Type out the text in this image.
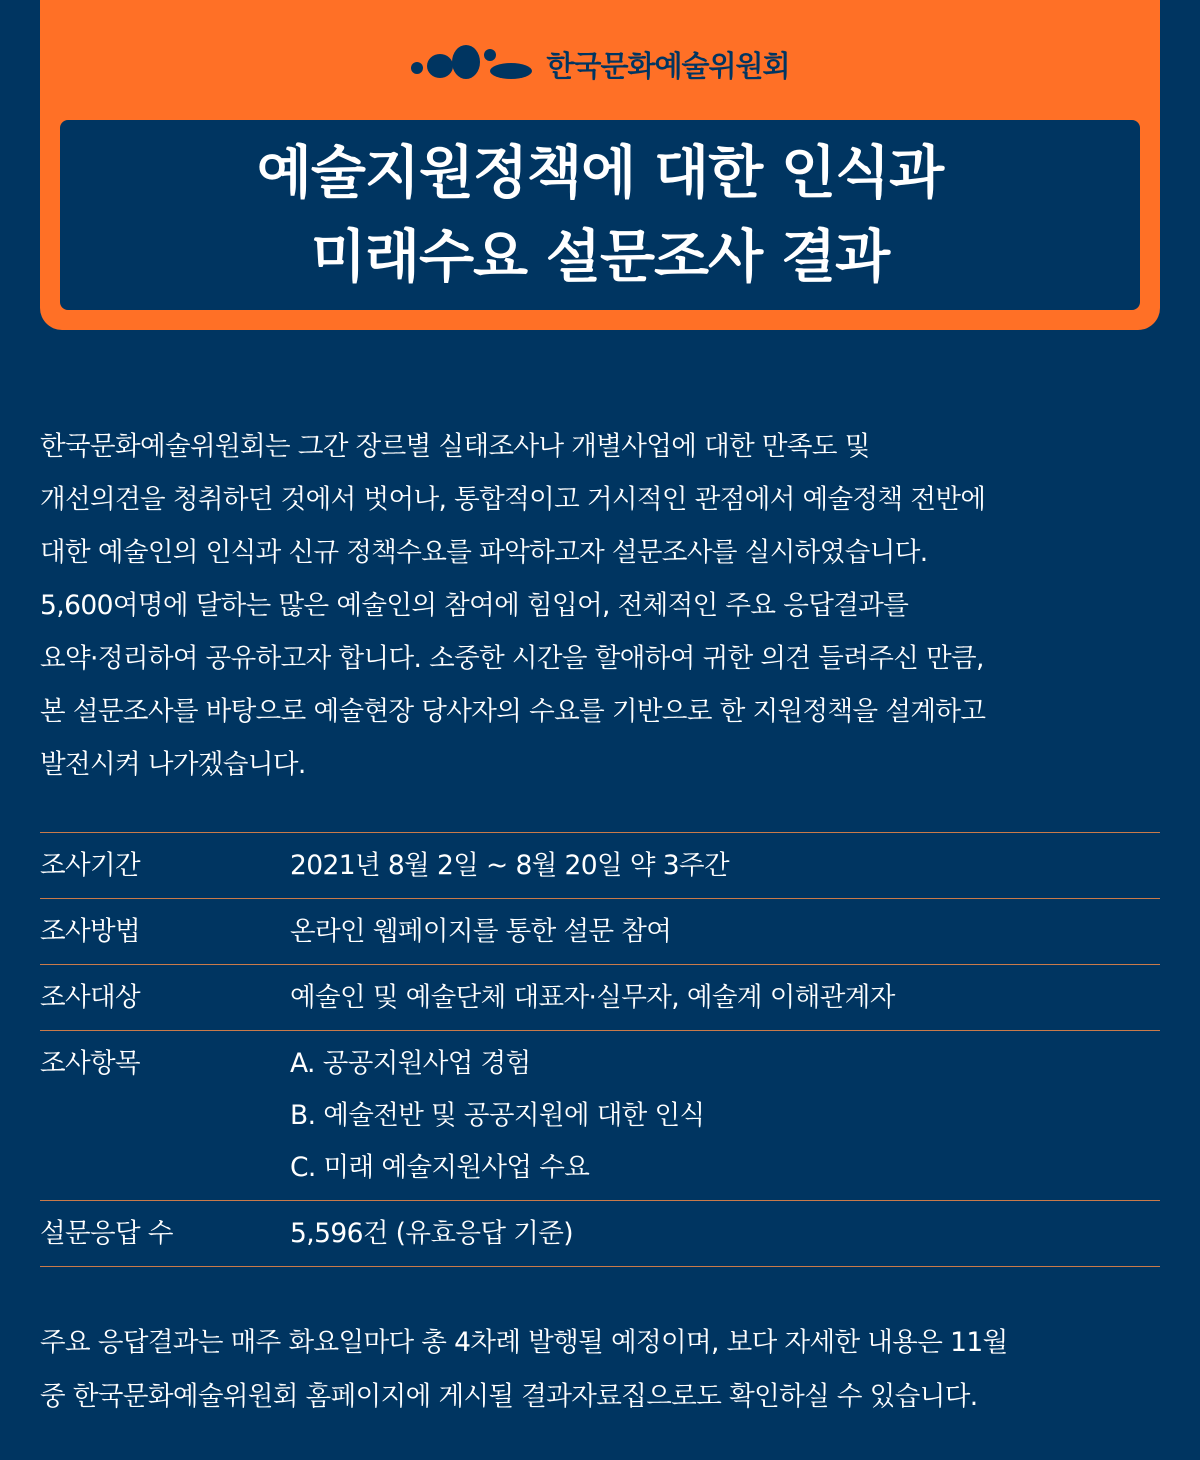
한국문화예술위원회
예술지원정책에 대한 인식과
미래수요 설문조사 결과
한국문화예술위원회는 그간 장르별 실태조사나 개별사업에 대한 만족도 및
개선의견을 청취하던 것에서 벗어나, 통합적이고 거시적인 관점에서 예술정책 전반에
대한 예술인의 인식과 신규 정책수요를 파악하고자 설문조사를 실시하였습니다.
5,600여명에 달하는 많은 예술인의 참여에 힘입어, 전체적인 주요 응답결과를
요약·정리하여 공유하고자 합니다. 소중한 시간을 할애하여 귀한 의견 들려주신 만큼,
본 설문조사를 바탕으로 예술현장 당사자의 수요를 기반으로 한 지원정책을 설계하고
발전시켜 나가겠습니다.
조사기간	2021년 8월 2일 ~ 8월 20일 약 3주간
조사방법	온라인 웹페이지를 통한 설문 참여
조사대상	예술인 및 예술단체 대표자·실무자, 예술계 이해관계자
조사항목	A. 공공지원사업 경험
B. 예술전반 및 공공지원에 대한 인식
C. 미래 예술지원사업 수요
설문응답 수	5,596건 (유효응답 기준)
주요 응답결과는 매주 화요일마다 총 4차례 발행될 예정이며, 보다 자세한 내용은 11월
중 한국문화예술위원회 홈페이지에 게시될 결과자료집으로도 확인하실 수 있습니다.
